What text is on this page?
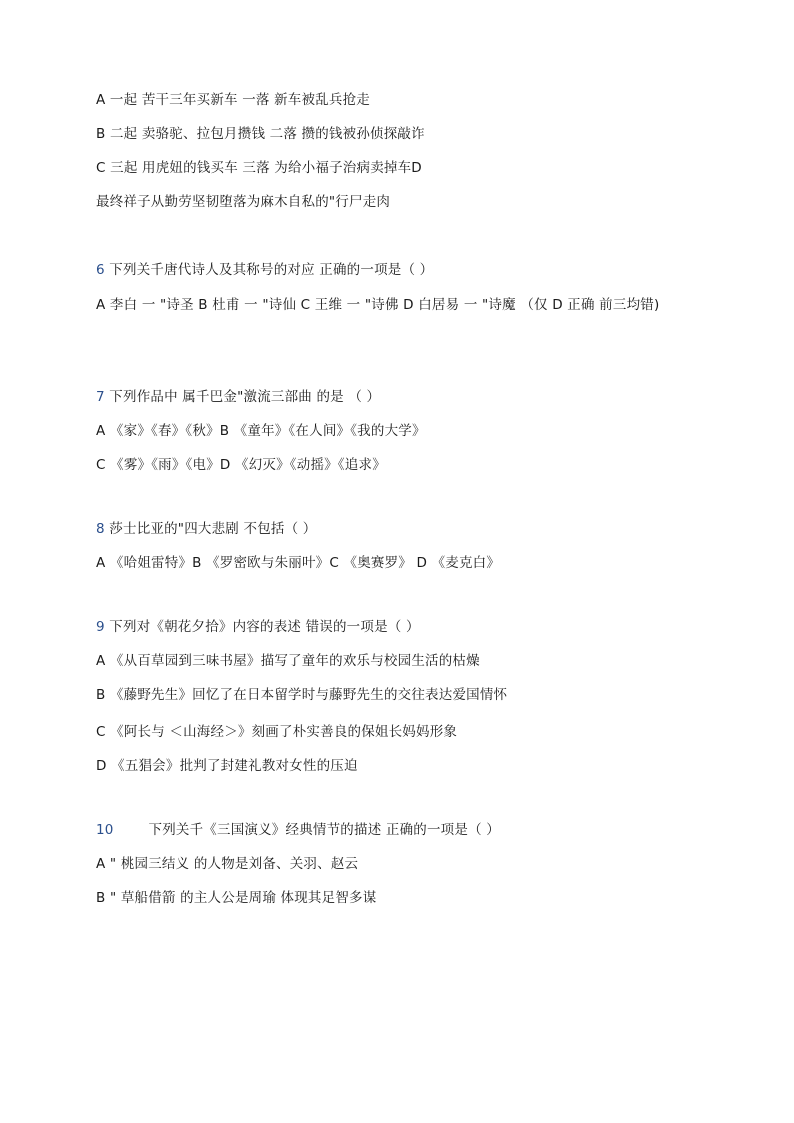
A 一起 苦干三年买新车 一落 新车被乱兵抢走
B 二起 卖骆驼、拉包月攒钱 二落 攒的钱被孙侦探敲诈
C 三起 用虎妞的钱买车 三落 为给小福子治病卖掉车D
最终祥子从勤劳坚韧堕落为麻木自私的"行尸走肉
6 下列关千唐代诗人及其称号的对应 正确的一项是（ ）
A 李白 一 "诗圣 B 杜甫 一 "诗仙 C 王维 一 "诗佛 D 白居易 一 "诗魔 （仅 D 正确 前三均错)
7 下列作品中 属千巴金"激流三部曲 的是 （ ）
A 《家》《春》《秋》B 《童年》《在人间》《我的大学》
C 《雾》《雨》《电》D 《幻灭》《动摇》《追求》
8 莎士比亚的"四大悲剧 不包括（ ）
A 《哈姐雷特》B 《罗密欧与朱丽叶》C 《奥赛罗》 D 《麦克白》
9 下列对《朝花夕拾》内容的表述 错误的一项是（ ）
A 《从百草园到三味书屋》描写了童年的欢乐与校园生活的枯燥
B 《藤野先生》回忆了在日本留学时与藤野先生的交往表达爱国情怀
C 《阿长与 ＜山海经＞》刻画了朴实善良的保姐长妈妈形象
D 《五猖会》批判了封建礼教对女性的压迫
10 下列关千《三国演义》经典情节的描述 正确的一项是（ ）
A " 桃园三结义 的人物是刘备、关羽、赵云
B " 草船借箭 的主人公是周瑜 体现其足智多谋
